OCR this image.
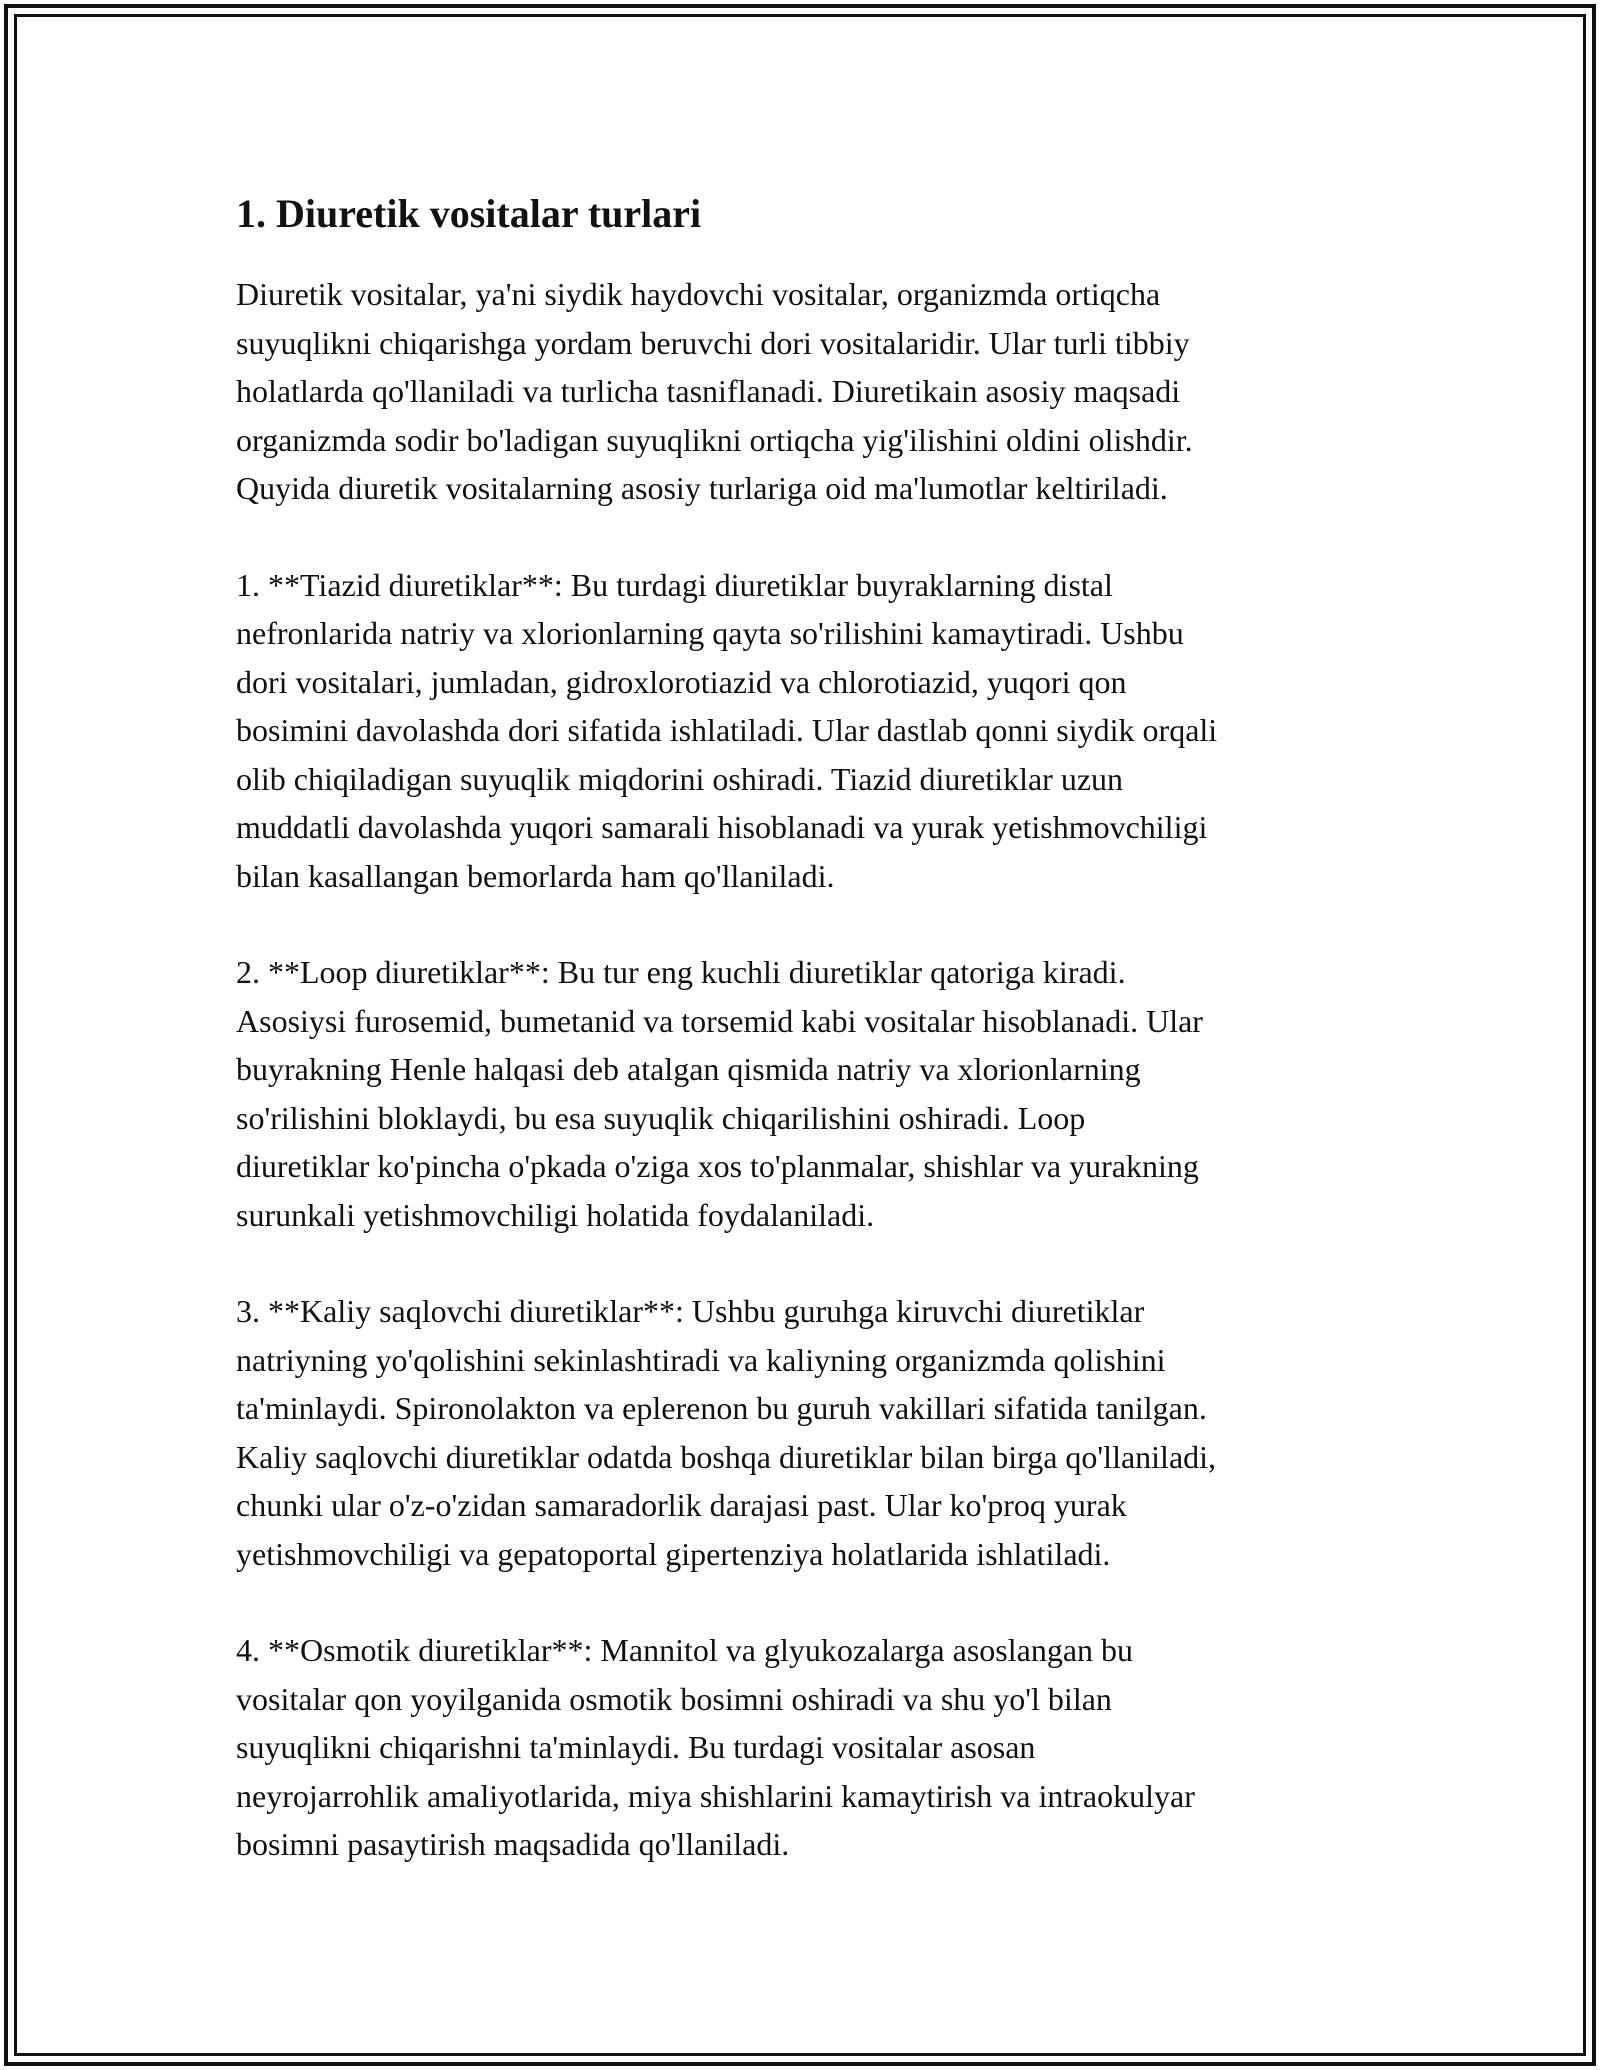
1. Diuretik vositalar turlari

Diuretik vositalar, ya'ni siydik haydovchi vositalar, organizmda ortiqcha
suyuqlikni chiqarishga yordam beruvchi dori vositalaridir. Ular turli tibbiy
holatlarda qo'llaniladi va turlicha tasniflanadi. Diuretikain asosiy maqsadi
organizmda sodir bo'ladigan suyuqlikni ortiqcha yig'ilishini oldini olishdir.
Quyida diuretik vositalarning asosiy turlariga oid ma'lumotlar keltiriladi.

1. **Tiazid diuretiklar**: Bu turdagi diuretiklar buyraklarning distal
nefronlarida natriy va xlorionlarning qayta so'rilishini kamaytiradi. Ushbu
dori vositalari, jumladan, gidroxlorotiazid va chlorotiazid, yuqori qon
bosimini davolashda dori sifatida ishlatiladi. Ular dastlab qonni siydik orqali
olib chiqiladigan suyuqlik miqdorini oshiradi. Tiazid diuretiklar uzun
muddatli davolashda yuqori samarali hisoblanadi va yurak yetishmovchiligi
bilan kasallangan bemorlarda ham qo'llaniladi.

2. **Loop diuretiklar**: Bu tur eng kuchli diuretiklar qatoriga kiradi.
Asosiysi furosemid, bumetanid va torsemid kabi vositalar hisoblanadi. Ular
buyrakning Henle halqasi deb atalgan qismida natriy va xlorionlarning
so'rilishini bloklaydi, bu esa suyuqlik chiqarilishini oshiradi. Loop
diuretiklar ko'pincha o'pkada o'ziga xos to'planmalar, shishlar va yurakning
surunkali yetishmovchiligi holatida foydalaniladi.

3. **Kaliy saqlovchi diuretiklar**: Ushbu guruhga kiruvchi diuretiklar
natriyning yo'qolishini sekinlashtiradi va kaliyning organizmda qolishini
ta'minlaydi. Spironolakton va eplerenon bu guruh vakillari sifatida tanilgan.
Kaliy saqlovchi diuretiklar odatda boshqa diuretiklar bilan birga qo'llaniladi,
chunki ular o'z-o'zidan samaradorlik darajasi past. Ular ko'proq yurak
yetishmovchiligi va gepatoportal gipertenziya holatlarida ishlatiladi.

4. **Osmotik diuretiklar**: Mannitol va glyukozalarga asoslangan bu
vositalar qon yoyilganida osmotik bosimni oshiradi va shu yo'l bilan
suyuqlikni chiqarishni ta'minlaydi. Bu turdagi vositalar asosan
neyrojarrohlik amaliyotlarida, miya shishlarini kamaytirish va intraokulyar
bosimni pasaytirish maqsadida qo'llaniladi.
